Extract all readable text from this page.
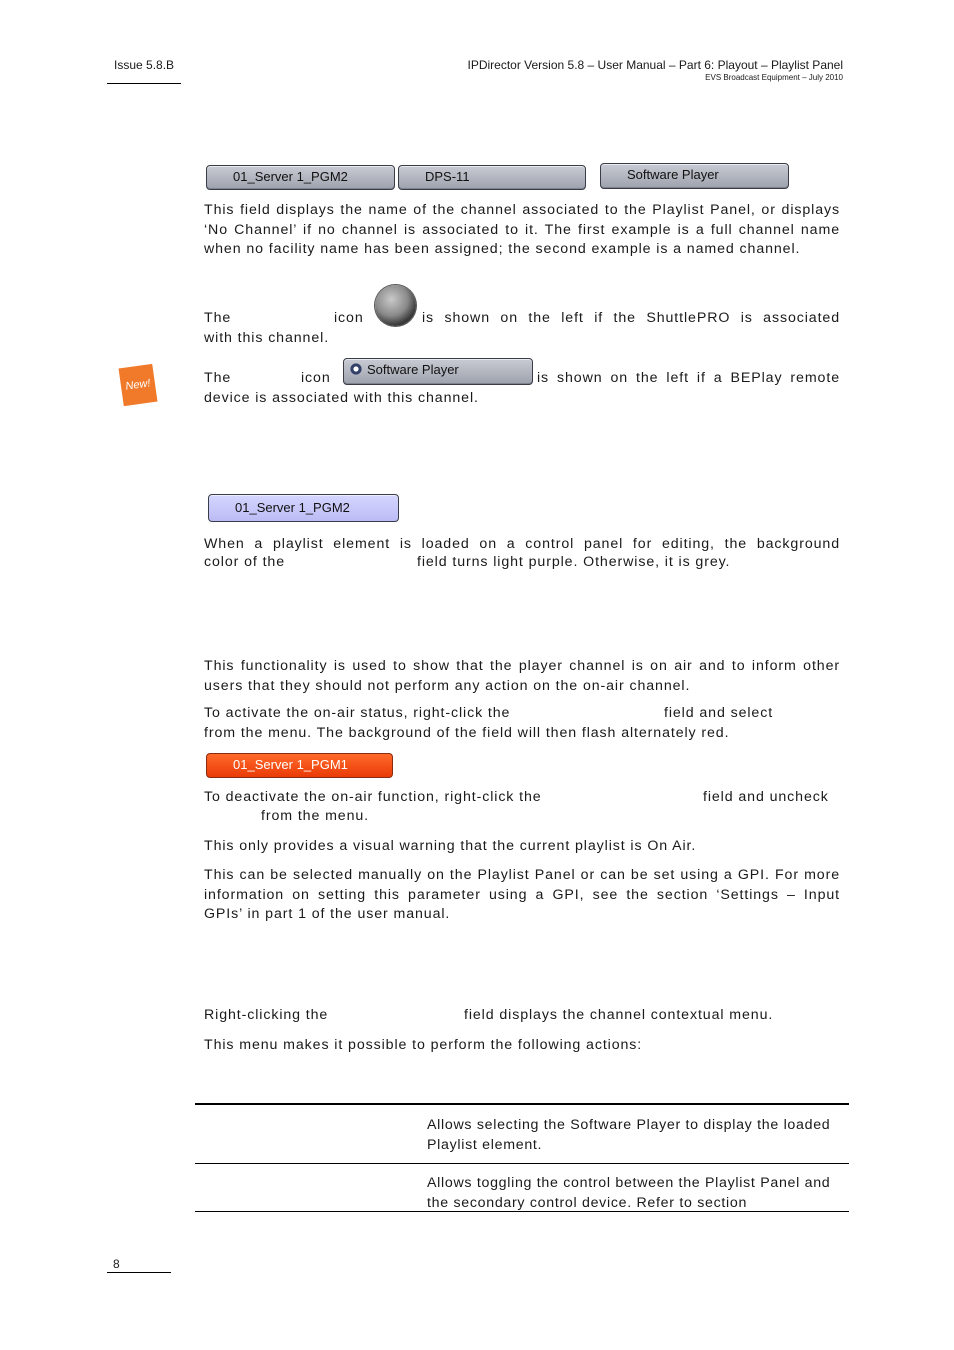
Issue 5.8.B	IPDirector Version 5.8 – User Manual – Part 6: Playout – Playlist Panel
EVS Broadcast Equipment – July 2010
01_Server 1_PGM2	DPS-11	Software Player
This field displays the name of the channel associated to the Playlist Panel, or displays ‘No Channel’ if no channel is associated to it. The first example is a full channel name when no facility name has been assigned; the second example is a named channel.
The	icon	is shown on the left if the ShuttlePRO is associated
with this channel.
New!	The	icon
Software Player
is shown on the left if a BEPlay remote
device is associated with this channel.
01_Server 1_PGM2
When a playlist element is loaded on a control panel for editing, the background
color of the	field turns light purple. Otherwise, it is grey.
This functionality is used to show that the player channel is on air and to inform other users that they should not perform any action on the on-air channel.
To activate the on-air status, right-click the	field and select
from the menu. The background of the field will then flash alternately red.
01_Server 1_PGM1
To deactivate the on-air function, right-click the	field and uncheck
from the menu.
This only provides a visual warning that the current playlist is On Air.
This can be selected manually on the Playlist Panel or can be set using a GPI. For more information on setting this parameter using a GPI, see the section ‘Settings – Input GPIs’ in part 1 of the user manual.
Right-clicking the	field displays the channel contextual menu.
This menu makes it possible to perform the following actions:
Allows selecting the Software Player to display the loaded Playlist element.
Allows toggling the control between the Playlist Panel and the secondary control device. Refer to section
8
